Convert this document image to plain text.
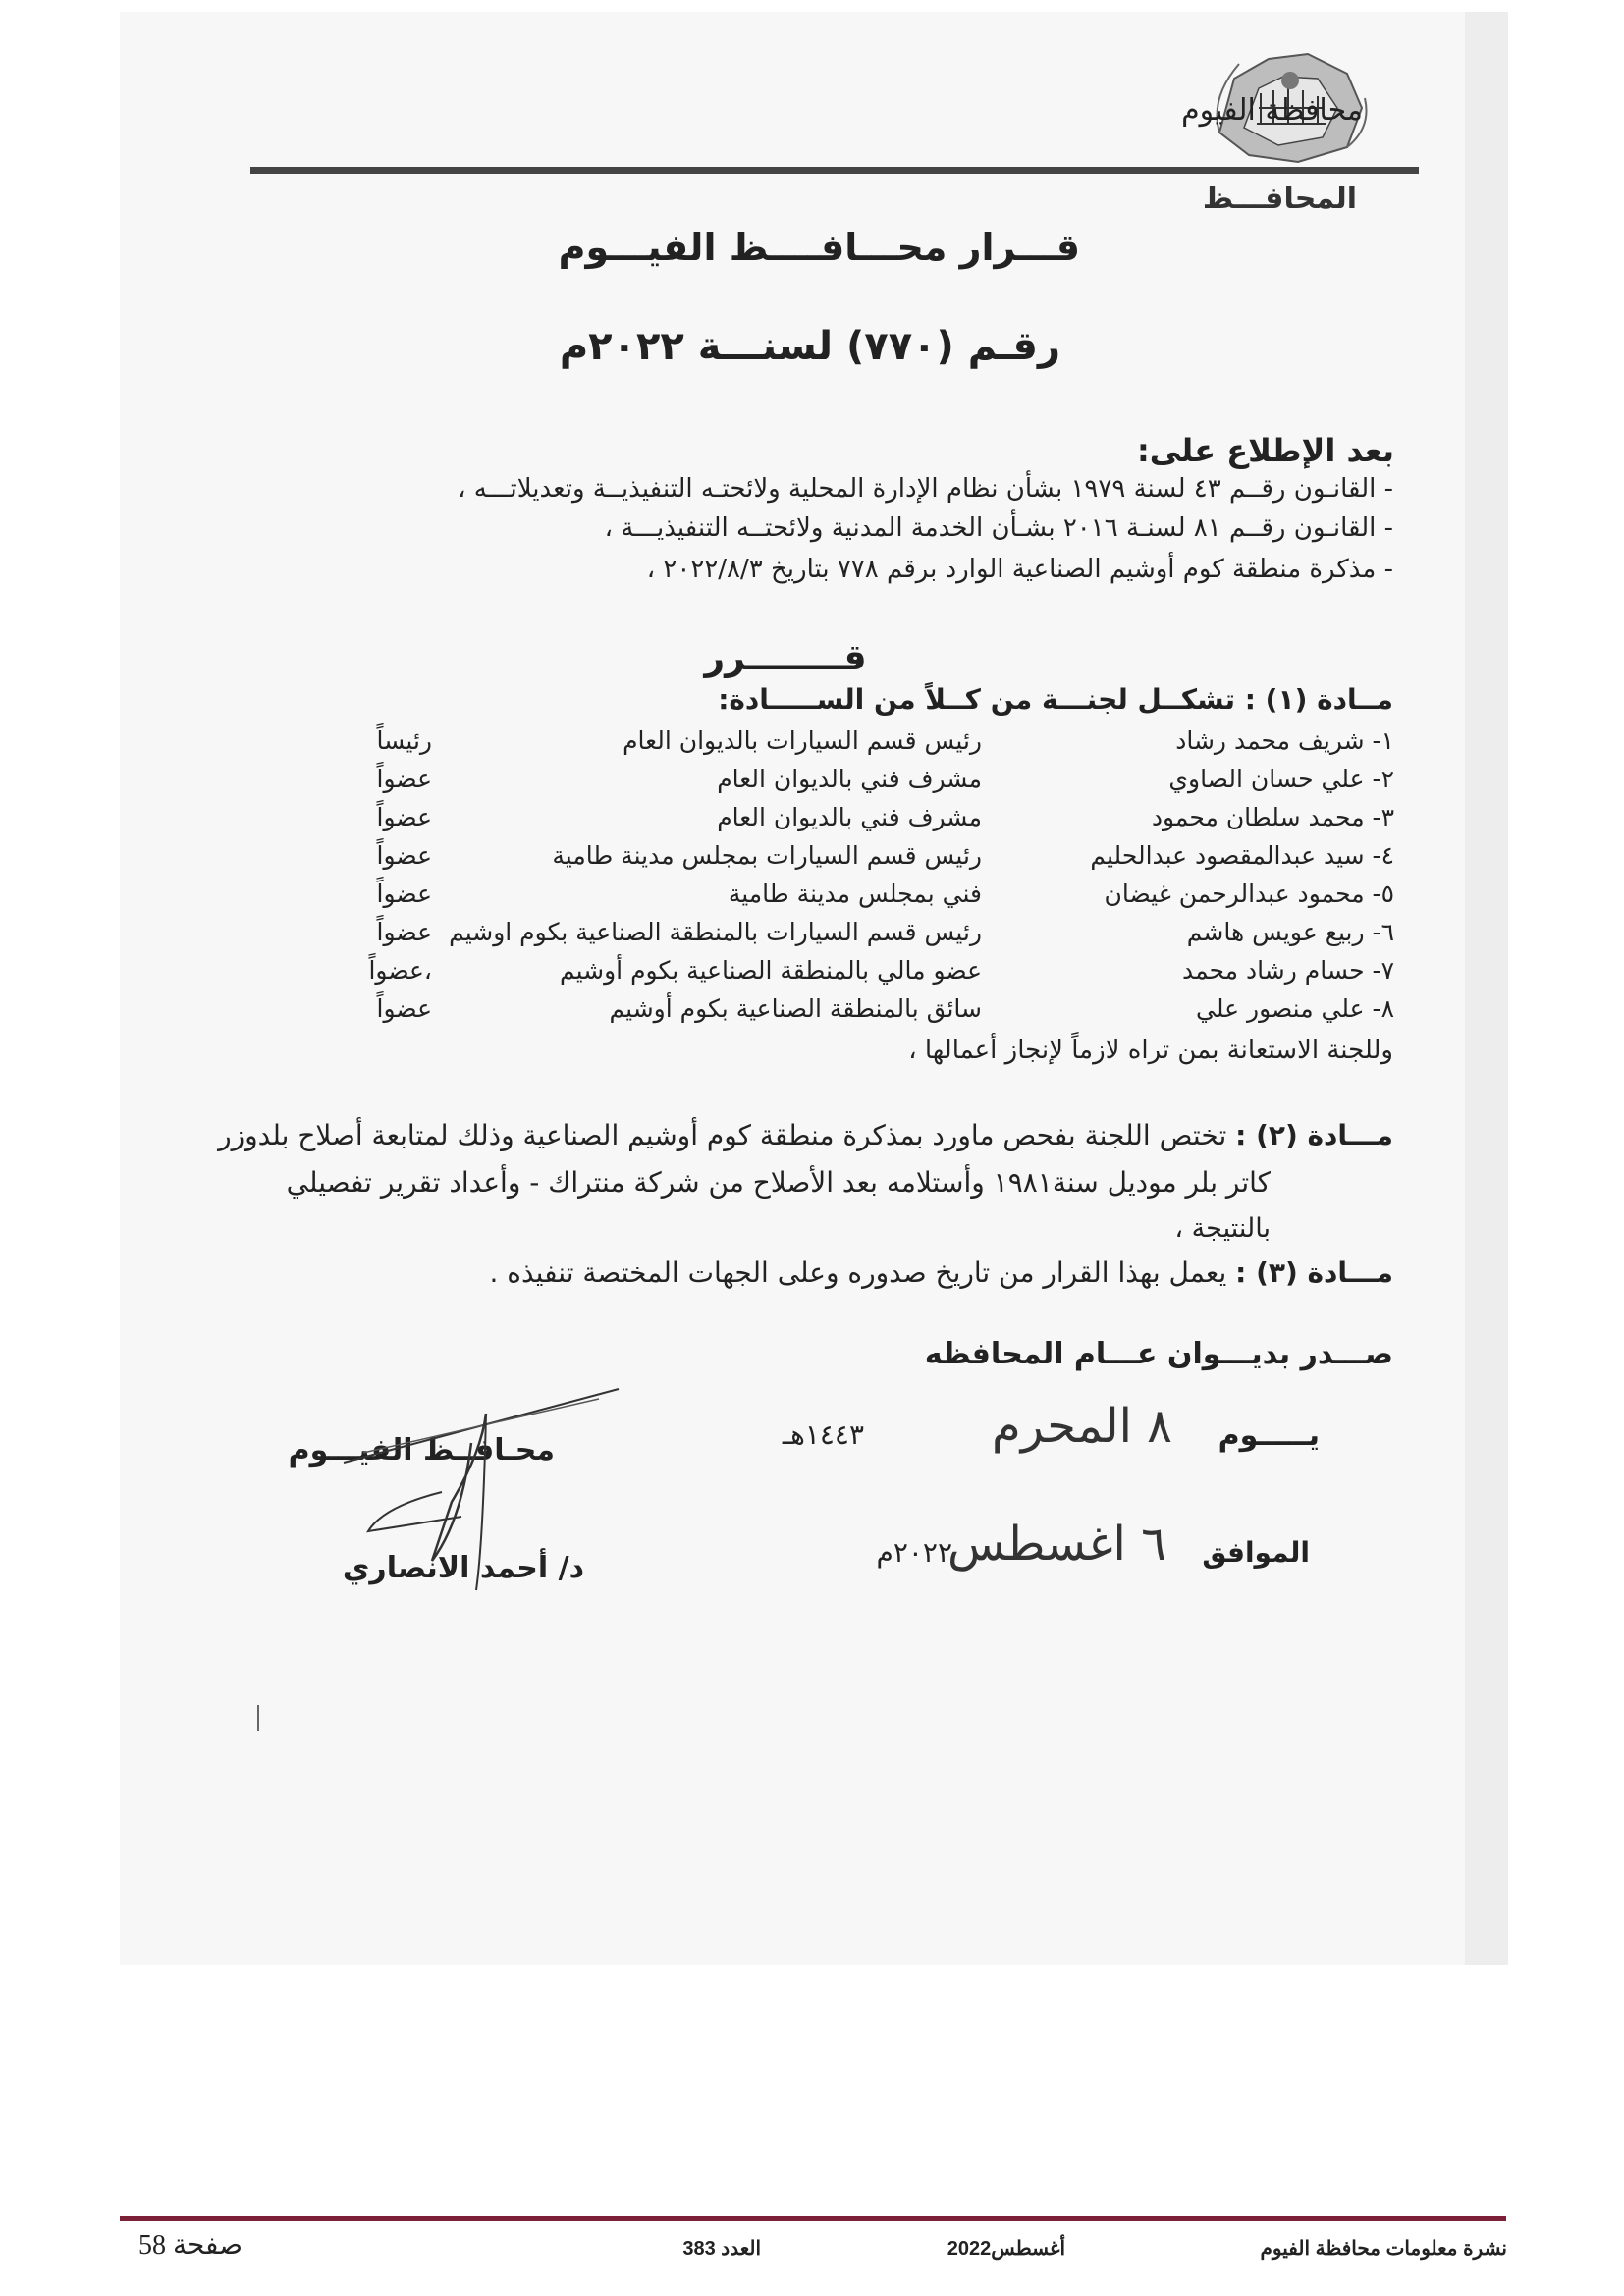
محافظة الفيوم
المحافـــظ
قـــرار محـــافــــظ الفيـــوم
رقـم (٧٧٠) لسنـــة ٢٠٢٢م
بعد الإطلاع على:
- القانـون رقــم ٤٣ لسنة ١٩٧٩ بشأن نظام الإدارة المحلية ولائحتـه التنفيذيــة وتعديلاتـــه ،
- القانـون رقــم ٨١ لسنـة ٢٠١٦ بشـأن الخدمة المدنية ولائحتــه التنفيذيـــة ،
- مذكرة منطقة كوم أوشيم الصناعية الوارد برقم ٧٧٨ بتاريخ ٢٠٢٢/٨/٣ ،
قــــــــرر
مــادة (١) : تشكــل لجنـــة من كــلاً من الســـــادة:
١- شريف محمد رشاد
رئيس قسم السيارات بالديوان العام
رئيساً
٢- علي حسان الصاوي
مشرف فني بالديوان العام
عضواً
٣- محمد سلطان محمود
مشرف فني بالديوان العام
عضواً
٤- سيد عبدالمقصود عبدالحليم
رئيس قسم السيارات بمجلس مدينة طامية
عضواً
٥- محمود عبدالرحمن غيضان
فني بمجلس مدينة طامية
عضواً
٦- ربيع عويس هاشم
رئيس قسم السيارات بالمنطقة الصناعية بكوم اوشيم
عضواً
٧- حسام رشاد محمد
عضو مالي بالمنطقة الصناعية بكوم أوشيم
،عضواً
٨- علي منصور علي
سائق بالمنطقة الصناعية بكوم أوشيم
عضواً
وللجنة الاستعانة بمن تراه لازماً لإنجاز أعمالها ،
مـــادة (٢) : تختص اللجنة بفحص ماورد بمذكرة منطقة كوم أوشيم الصناعية وذلك لمتابعة أصلاح بلدوزر
كاتر بلر موديل سنة١٩٨١ وأستلامه بعد الأصلاح من شركة منتراك - وأعداد تقرير تفصيلي
بالنتيجة ،
مـــادة (٣) : يعمل بهذا القرار من تاريخ صدوره وعلى الجهات المختصة تنفيذه .
صـــدر بديـــوان عـــام المحافظه
يـــــوم
٨ المحرم
١٤٤٣هـ
الموافق
٦ اغسطس
٢٠٢٢م
محـافــظ الفيـــوم
د/ أحمد الانصاري
نشرة معلومات محافظة الفيوم
أغسطس2022
العدد 383
صفحة 58
